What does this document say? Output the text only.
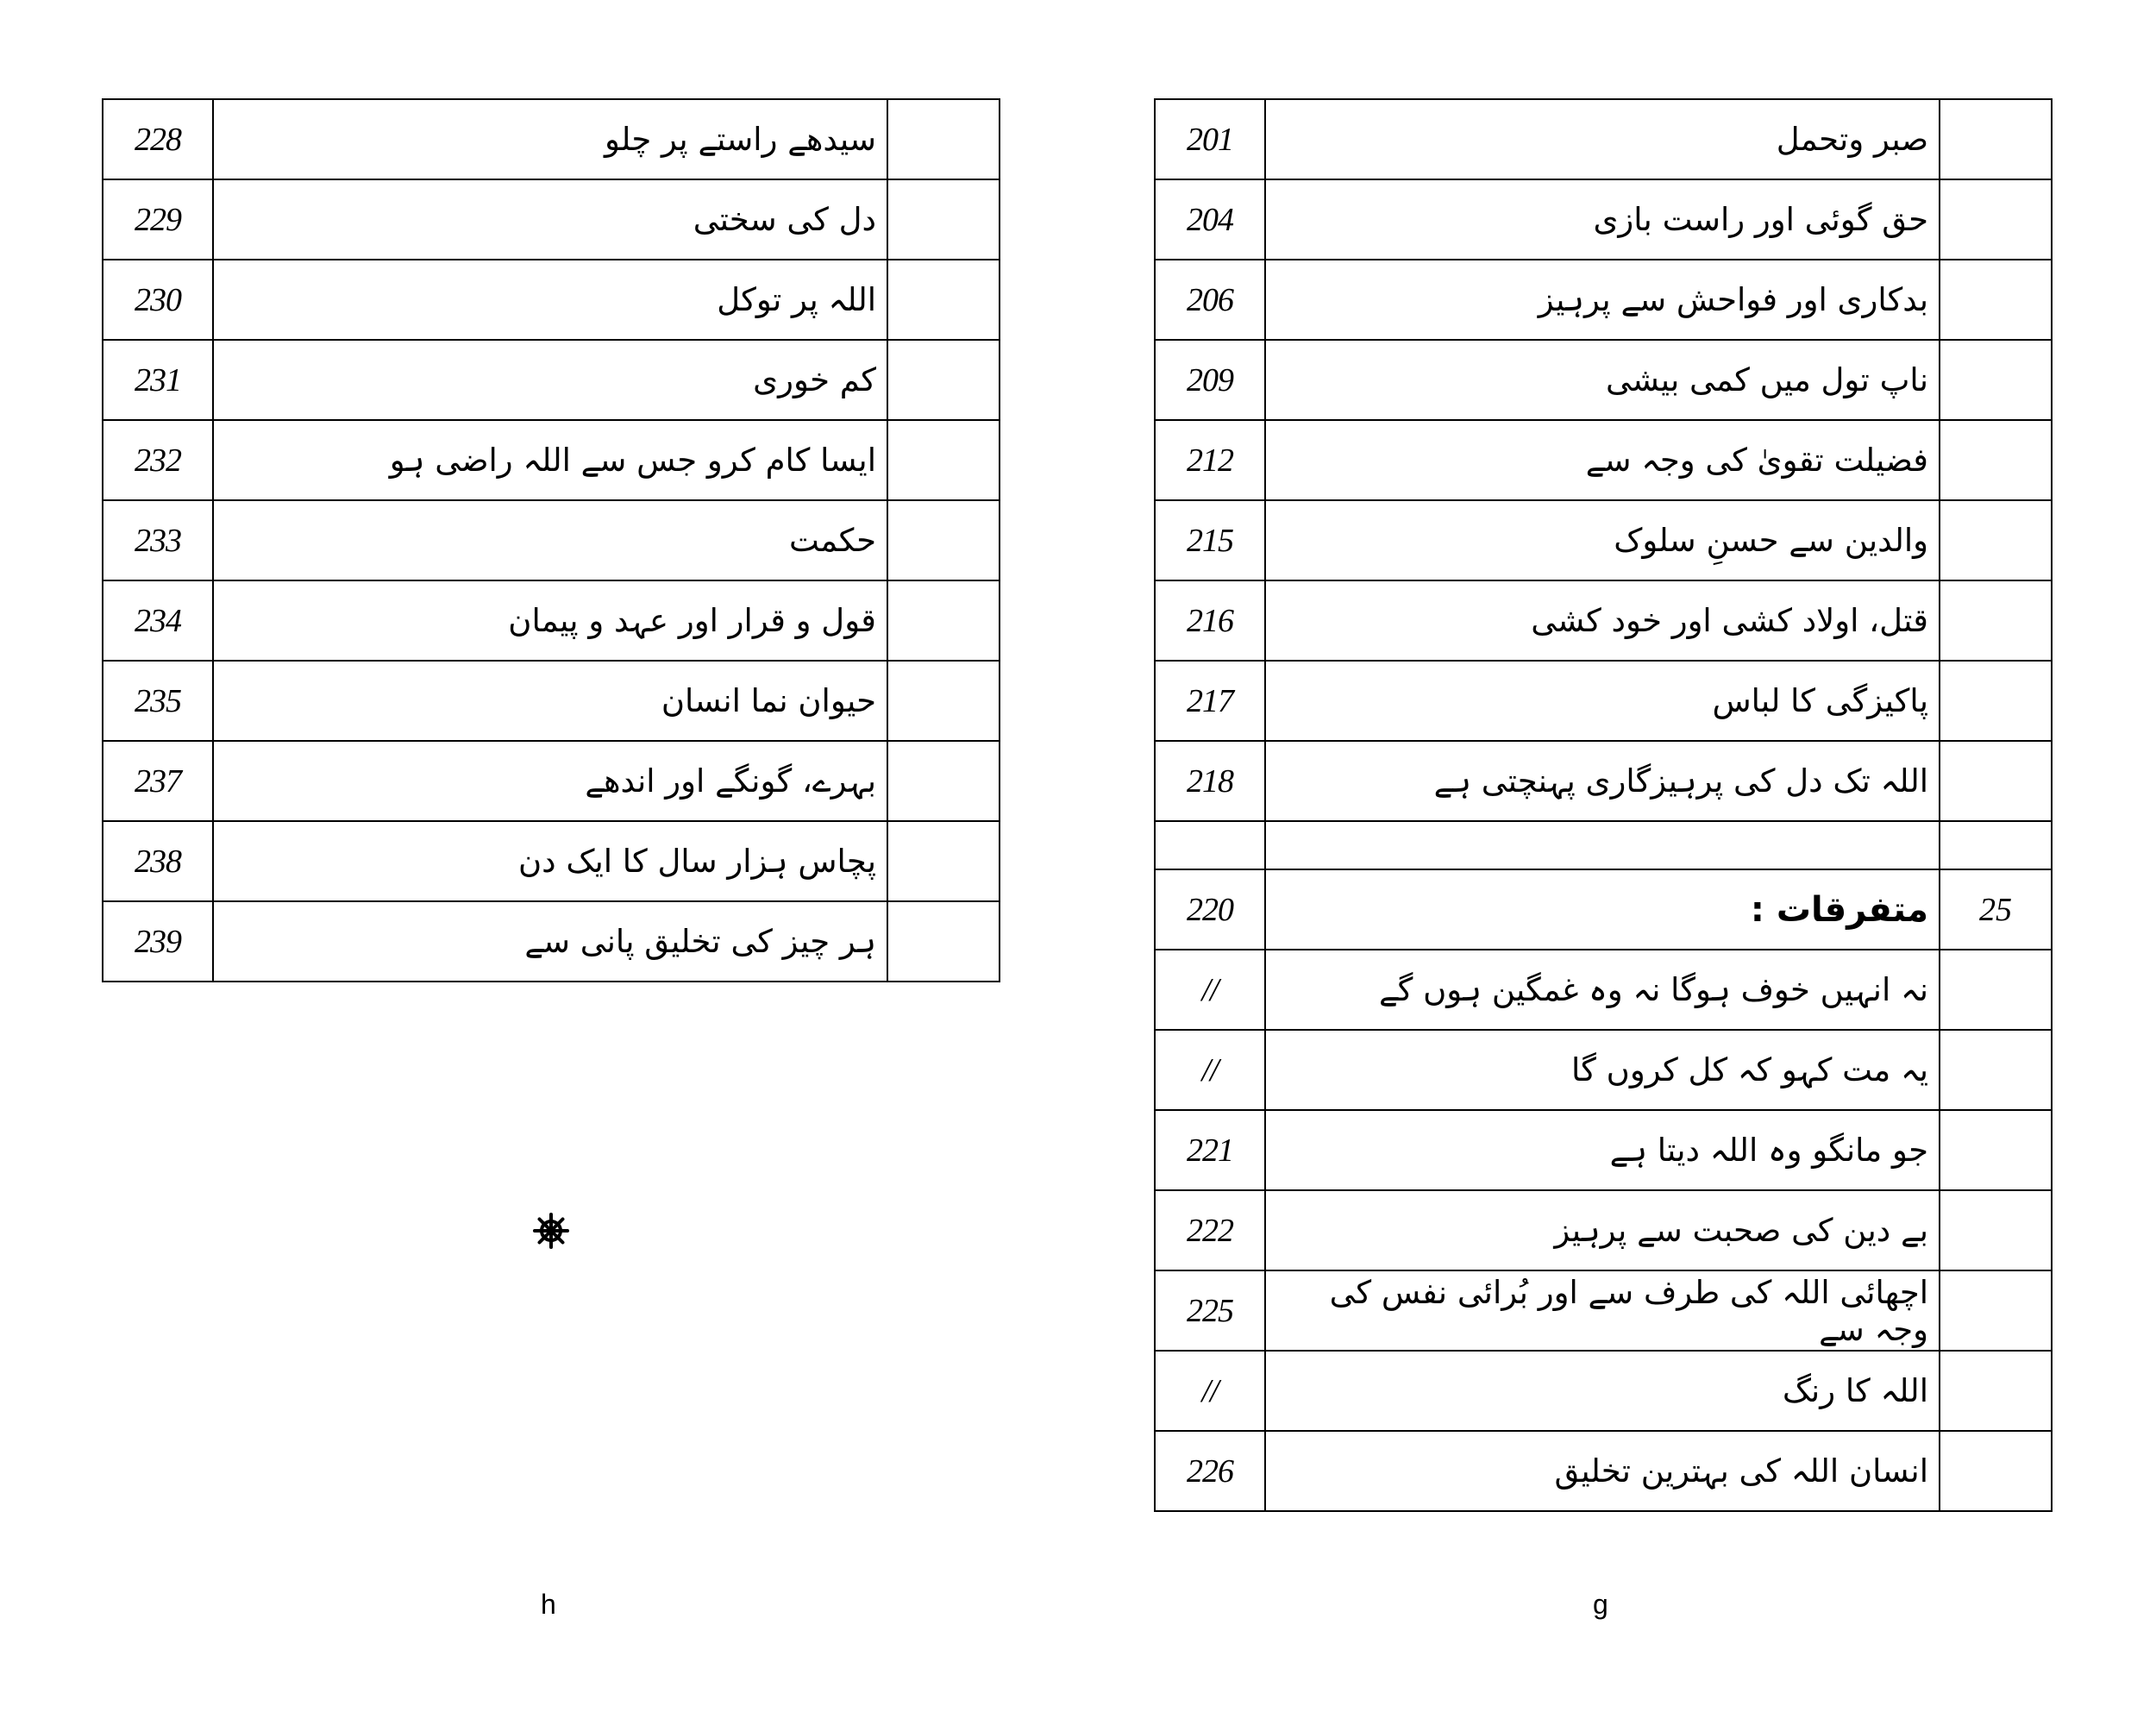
228	سیدھے راستے پر چلو	
229	دل کی سختی	
230	اللہ پر توکل	
231	کم خوری	
232	ایسا کام کرو جس سے اللہ راضی ہو	
233	حکمت	
234	قول و قرار اور عہد و پیمان	
235	حیوان نما انسان	
237	بہرے، گونگے اور اندھے	
238	پچاس ہزار سال کا ایک دن	
239	ہر چیز کی تخلیق پانی سے	
201	صبر وتحمل	
204	حق گوئی اور راست بازی	
206	بدکاری اور فواحش سے پرہیز	
209	ناپ تول میں کمی بیشی	
212	فضیلت تقویٰ کی وجہ سے	
215	والدین سے حسنِ سلوک	
216	قتل، اولاد کشی اور خود کشی	
217	پاکیزگی کا لباس	
218	اللہ تک دل کی پرہیزگاری پہنچتی ہے	

220	متفرقات :	25
//	نہ انہیں خوف ہوگا نہ وہ غمگین ہوں گے	
//	یہ مت کہو کہ کل کروں گا	
221	جو مانگو وہ اللہ دیتا ہے	
222	بے دین کی صحبت سے پرہیز	
225	اچھائی اللہ کی طرف سے اور بُرائی نفس کی وجہ سے	
//	اللہ کا رنگ	
226	انسان اللہ کی بہترین تخلیق	
h	g
